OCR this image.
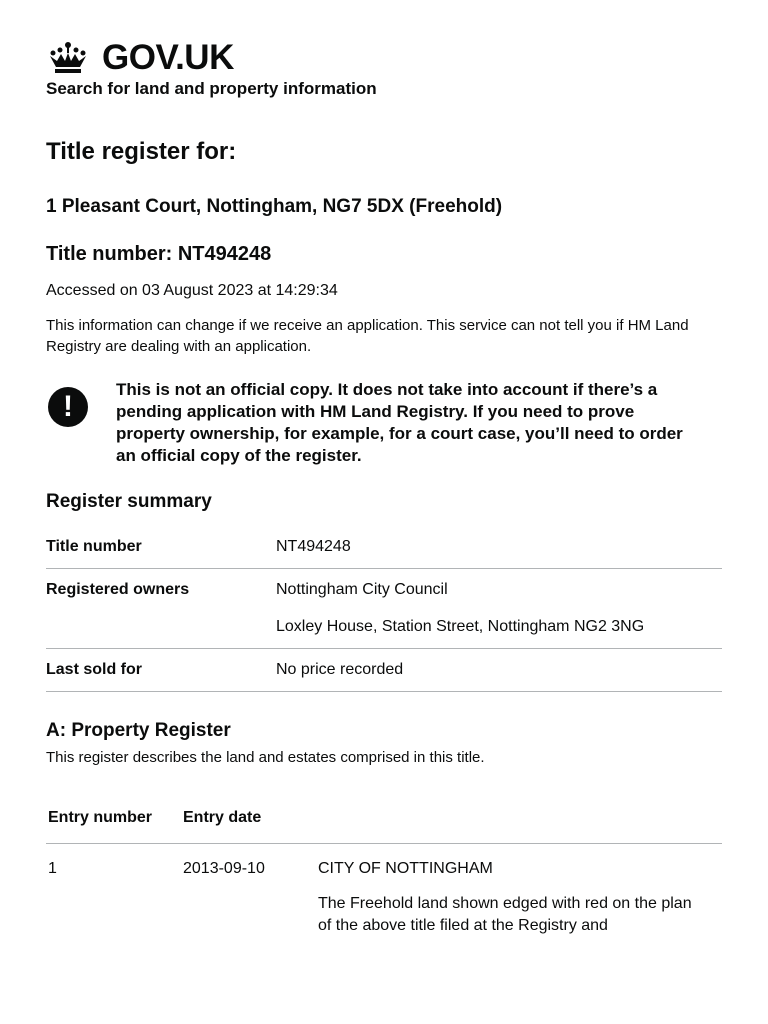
GOV.UK
Search for land and property information
Title register for:
1 Pleasant Court, Nottingham, NG7 5DX (Freehold)
Title number: NT494248
Accessed on 03 August 2023 at 14:29:34
This information can change if we receive an application. This service can not tell you if HM Land Registry are dealing with an application.
!
This is not an official copy. It does not take into account if there’s a pending application with HM Land Registry. If you need to prove property ownership, for example, for a court case, you’ll need to order an official copy of the register.
Register summary
Title number	NT494248
Registered owners	Nottingham City Council
Loxley House, Station Street, Nottingham NG2 3NG
Last sold for	No price recorded
A: Property Register
This register describes the land and estates comprised in this title.
Entry number	Entry date
1	2013-09-10	CITY OF NOTTINGHAM

The Freehold land shown edged with red on the plan of the above title filed at the Registry and
